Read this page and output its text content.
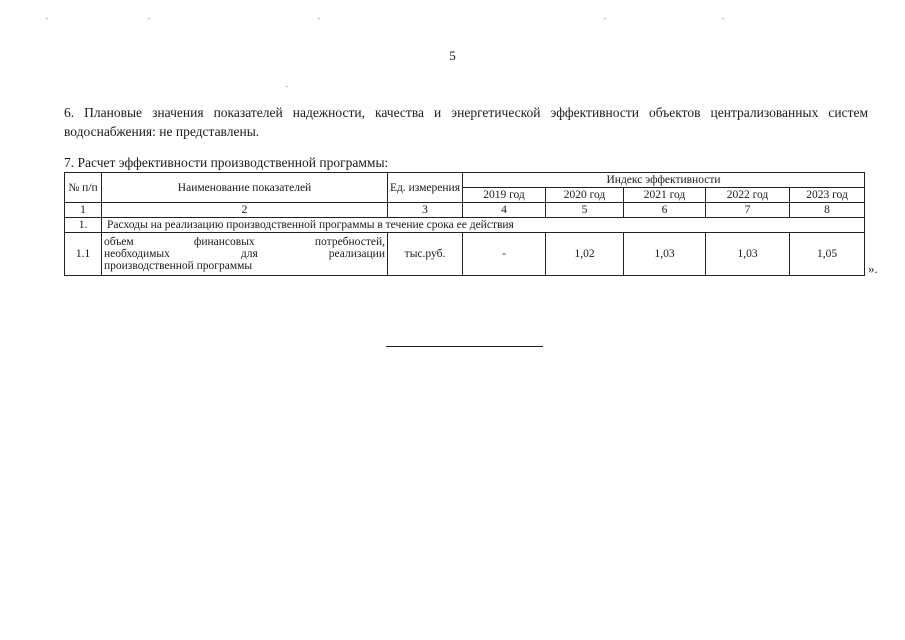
5
6. Плановые значения показателей надежности, качества и энергетической эффективности объектов централизованных систем водоснабжения: не представлены.
7. Расчет эффективности производственной программы:
№ п/п	Наименование показателей	Ед. измерения	Индекс эффективности				
			2019 год	2020 год	2021 год	2022 год	2023 год
1	2	3	4	5	6	7	8
1.	Расходы на реализацию производственной программы в течение срока ее действия						
1.1	объем финансовых потребностей,
необходимых для реализации
производственной программы	тыс.руб.	-	1,02	1,03	1,03	1,05
».
